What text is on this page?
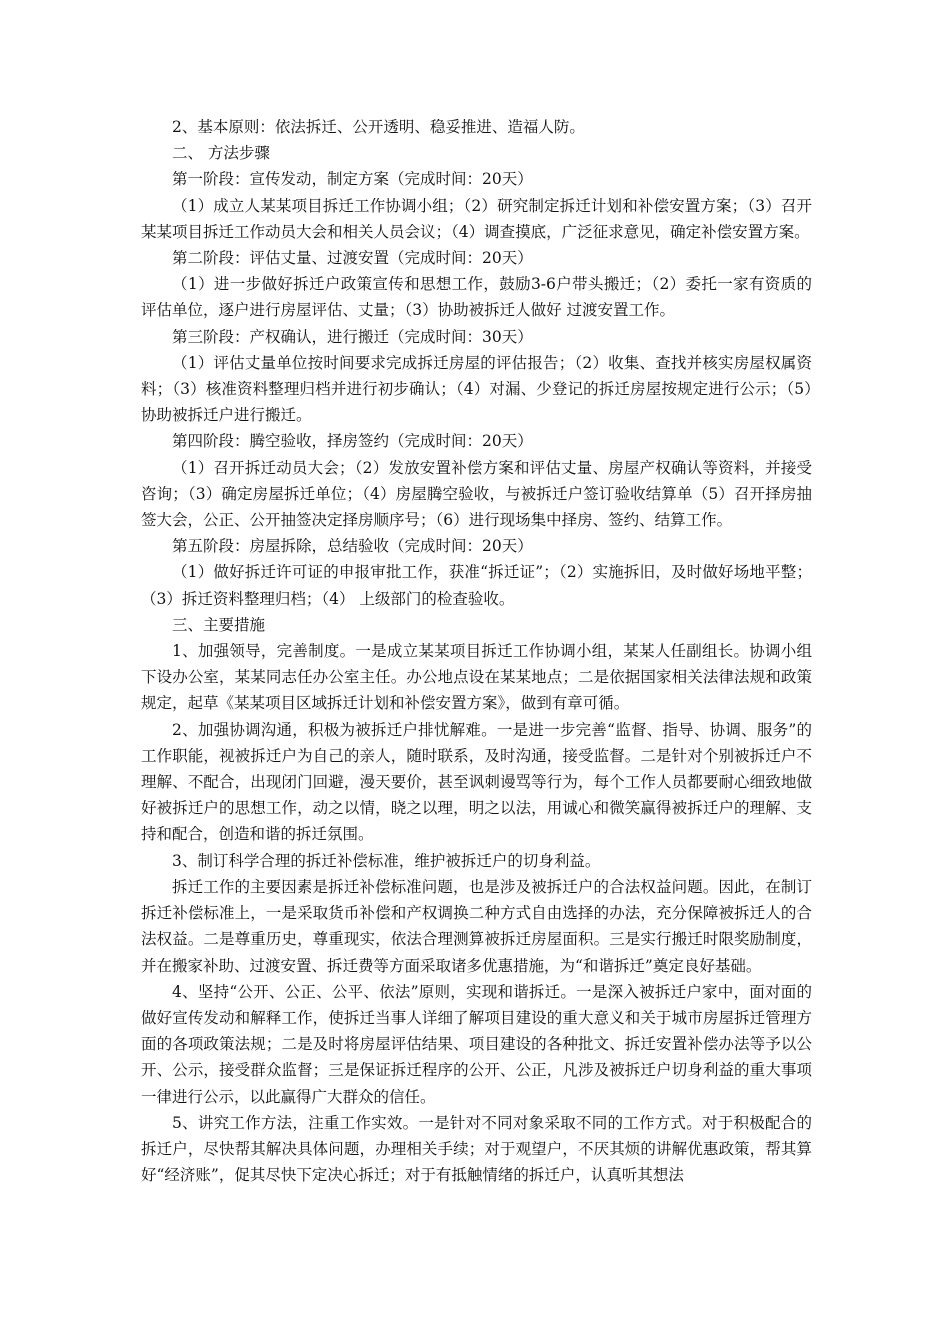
2、基本原则：依法拆迁、公开透明、稳妥推进、造福人防。

二、 方法步骤

第一阶段：宣传发动，制定方案（完成时间：20天）

（1）成立人某某项目拆迁工作协调小组；（2）研究制定拆迁计划和补偿安置方案；（3）召开某某项目拆迁工作动员大会和相关人员会议；（4）调查摸底，广泛征求意见，确定补偿安置方案。

第二阶段：评估丈量、过渡安置（完成时间：20天）

（1）进一步做好拆迁户政策宣传和思想工作，鼓励3-6户带头搬迁；（2）委托一家有资质的评估单位，逐户进行房屋评估、丈量；（3）协助被拆迁人做好 过渡安置工作。

第三阶段：产权确认，进行搬迁（完成时间：30天）

（1）评估丈量单位按时间要求完成拆迁房屋的评估报告；（2）收集、查找并核实房屋权属资料；（3）核准资料整理归档并进行初步确认；（4）对漏、少登记的拆迁房屋按规定进行公示；（5）协助被拆迁户进行搬迁。

第四阶段：腾空验收，择房签约（完成时间：20天）

（1）召开拆迁动员大会；（2）发放安置补偿方案和评估丈量、房屋产权确认等资料，并接受咨询；（3）确定房屋拆迁单位；（4）房屋腾空验收，与被拆迁户签订验收结算单（5）召开择房抽签大会，公正、公开抽签决定择房顺序号；（6）进行现场集中择房、签约、结算工作。

第五阶段：房屋拆除，总结验收（完成时间：20天）

（1）做好拆迁许可证的申报审批工作，获准“拆迁证”；（2）实施拆旧，及时做好场地平整；（3）拆迁资料整理归档；（4） 上级部门的检查验收。

三、主要措施

1、加强领导，完善制度。一是成立某某项目拆迁工作协调小组，某某人任副组长。协调小组下设办公室，某某同志任办公室主任。办公地点设在某某地点；二是依据国家相关法律法规和政策规定，起草《某某项目区域拆迁计划和补偿安置方案》，做到有章可循。

2、加强协调沟通，积极为被拆迁户排忧解难。一是进一步完善“监督、指导、协调、服务”的工作职能，视被拆迁户为自己的亲人，随时联系，及时沟通，接受监督。二是针对个别被拆迁户不理解、不配合，出现闭门回避，漫天要价，甚至讽刺谩骂等行为，每个工作人员都要耐心细致地做好被拆迁户的思想工作，动之以情，晓之以理，明之以法，用诚心和微笑赢得被拆迁户的理解、支持和配合，创造和谐的拆迁氛围。

3、制订科学合理的拆迁补偿标准，维护被拆迁户的切身利益。

拆迁工作的主要因素是拆迁补偿标准问题，也是涉及被拆迁户的合法权益问题。因此，在制订拆迁补偿标准上，一是采取货币补偿和产权调换二种方式自由选择的办法，充分保障被拆迁人的合法权益。二是尊重历史，尊重现实，依法合理测算被拆迁房屋面积。三是实行搬迁时限奖励制度，并在搬家补助、过渡安置、拆迁费等方面采取诸多优惠措施，为“和谐拆迁”奠定良好基础。

4、坚持“公开、公正、公平、依法”原则，实现和谐拆迁。一是深入被拆迁户家中，面对面的做好宣传发动和解释工作，使拆迁当事人详细了解项目建设的重大意义和关于城市房屋拆迁管理方面的各项政策法规；二是及时将房屋评估结果、项目建设的各种批文、拆迁安置补偿办法等予以公开、公示，接受群众监督；三是保证拆迁程序的公开、公正，凡涉及被拆迁户切身利益的重大事项一律进行公示，以此赢得广大群众的信任。

5、讲究工作方法，注重工作实效。一是针对不同对象采取不同的工作方式。对于积极配合的拆迁户，尽快帮其解决具体问题，办理相关手续；对于观望户，不厌其烦的讲解优惠政策，帮其算好“经济账”，促其尽快下定决心拆迁；对于有抵触情绪的拆迁户，认真听其想法
